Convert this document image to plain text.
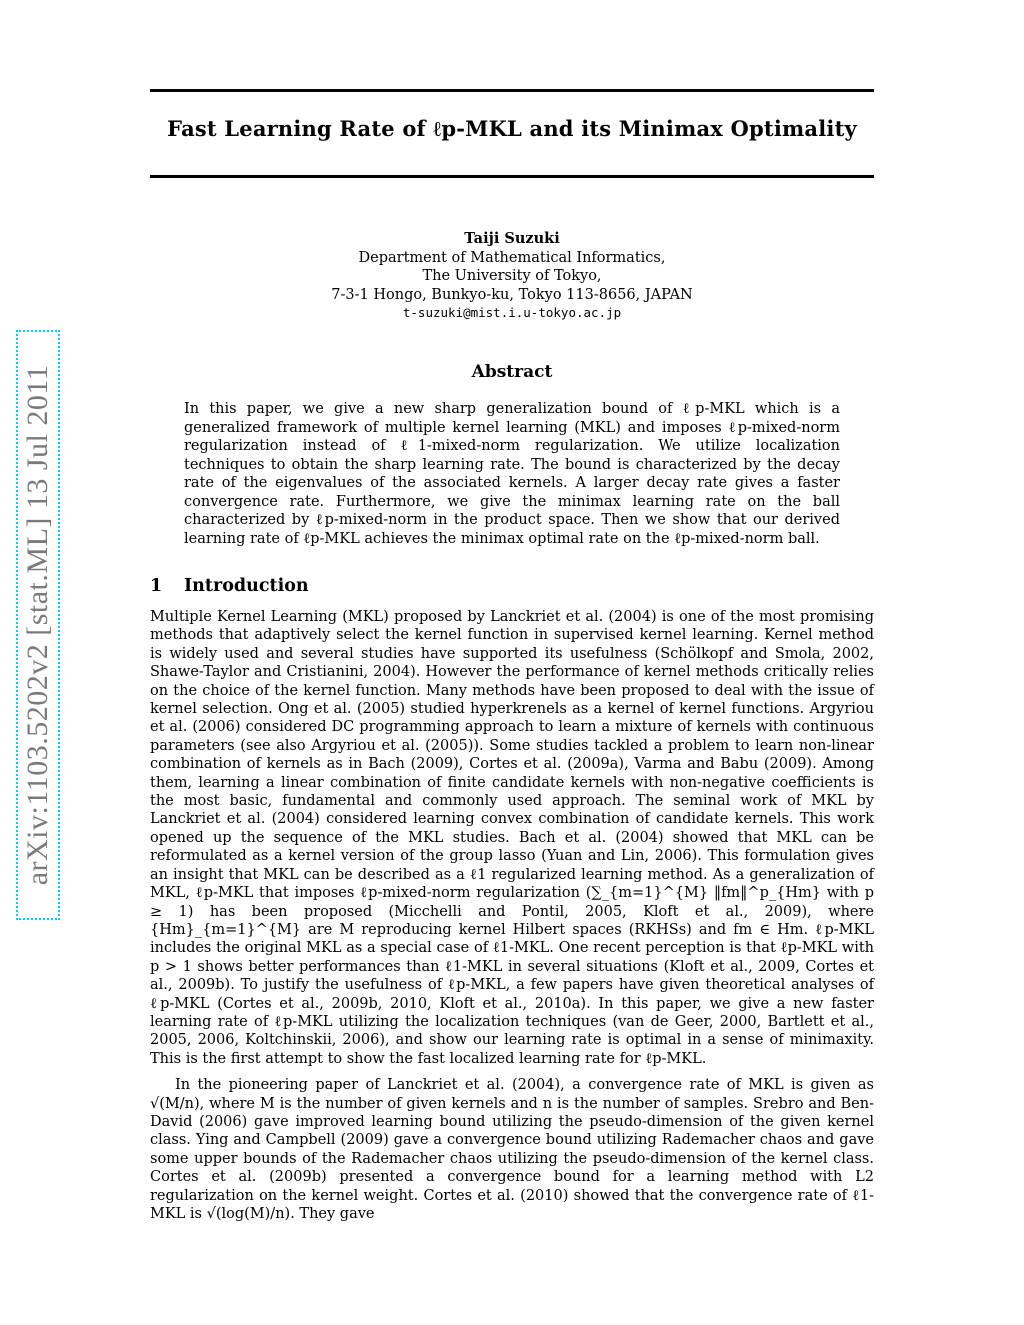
arXiv:1103.5202v2 [stat.ML] 13 Jul 2011
Fast Learning Rate of ℓp-MKL and its Minimax Optimality
Taiji Suzuki
Department of Mathematical Informatics,
The University of Tokyo,
7-3-1 Hongo, Bunkyo-ku, Tokyo 113-8656, JAPAN
t-suzuki@mist.i.u-tokyo.ac.jp
Abstract
In this paper, we give a new sharp generalization bound of ℓp-MKL which is a generalized framework of multiple kernel learning (MKL) and imposes ℓp-mixed-norm regularization instead of ℓ1-mixed-norm regularization. We utilize localization techniques to obtain the sharp learning rate. The bound is characterized by the decay rate of the eigenvalues of the associated kernels. A larger decay rate gives a faster convergence rate. Furthermore, we give the minimax learning rate on the ball characterized by ℓp-mixed-norm in the product space. Then we show that our derived learning rate of ℓp-MKL achieves the minimax optimal rate on the ℓp-mixed-norm ball.
1 Introduction

Multiple Kernel Learning (MKL) proposed by Lanckriet et al. (2004) is one of the most promising methods that adaptively select the kernel function in supervised kernel learning. Kernel method is widely used and several studies have supported its usefulness (Schölkopf and Smola, 2002, Shawe-Taylor and Cristianini, 2004). However the performance of kernel methods critically relies on the choice of the kernel function. Many methods have been proposed to deal with the issue of kernel selection. Ong et al. (2005) studied hyperkrenels as a kernel of kernel functions. Argyriou et al. (2006) considered DC programming approach to learn a mixture of kernels with continuous parameters (see also Argyriou et al. (2005)). Some studies tackled a problem to learn non-linear combination of kernels as in Bach (2009), Cortes et al. (2009a), Varma and Babu (2009). Among them, learning a linear combination of finite candidate kernels with non-negative coefficients is the most basic, fundamental and commonly used approach. The seminal work of MKL by Lanckriet et al. (2004) considered learning convex combination of candidate kernels. This work opened up the sequence of the MKL studies. Bach et al. (2004) showed that MKL can be reformulated as a kernel version of the group lasso (Yuan and Lin, 2006). This formulation gives an insight that MKL can be described as a ℓ1 regularized learning method. As a generalization of MKL, ℓp-MKL that imposes ℓp-mixed-norm regularization (∑_{m=1}^{M} ‖fm‖^p_{Hm} with p ≥ 1) has been proposed (Micchelli and Pontil, 2005, Kloft et al., 2009), where {Hm}_{m=1}^{M} are M reproducing kernel Hilbert spaces (RKHSs) and fm ∈ Hm. ℓp-MKL includes the original MKL as a special case of ℓ1-MKL. One recent perception is that ℓp-MKL with p > 1 shows better performances than ℓ1-MKL in several situations (Kloft et al., 2009, Cortes et al., 2009b). To justify the usefulness of ℓp-MKL, a few papers have given theoretical analyses of ℓp-MKL (Cortes et al., 2009b, 2010, Kloft et al., 2010a). In this paper, we give a new faster learning rate of ℓp-MKL utilizing the localization techniques (van de Geer, 2000, Bartlett et al., 2005, 2006, Koltchinskii, 2006), and show our learning rate is optimal in a sense of minimaxity. This is the first attempt to show the fast localized learning rate for ℓp-MKL.

In the pioneering paper of Lanckriet et al. (2004), a convergence rate of MKL is given as √(M/n), where M is the number of given kernels and n is the number of samples. Srebro and Ben-David (2006) gave improved learning bound utilizing the pseudo-dimension of the given kernel class. Ying and Campbell (2009) gave a convergence bound utilizing Rademacher chaos and gave some upper bounds of the Rademacher chaos utilizing the pseudo-dimension of the kernel class. Cortes et al. (2009b) presented a convergence bound for a learning method with L2 regularization on the kernel weight. Cortes et al. (2010) showed that the convergence rate of ℓ1-MKL is √(log(M)/n). They gave
